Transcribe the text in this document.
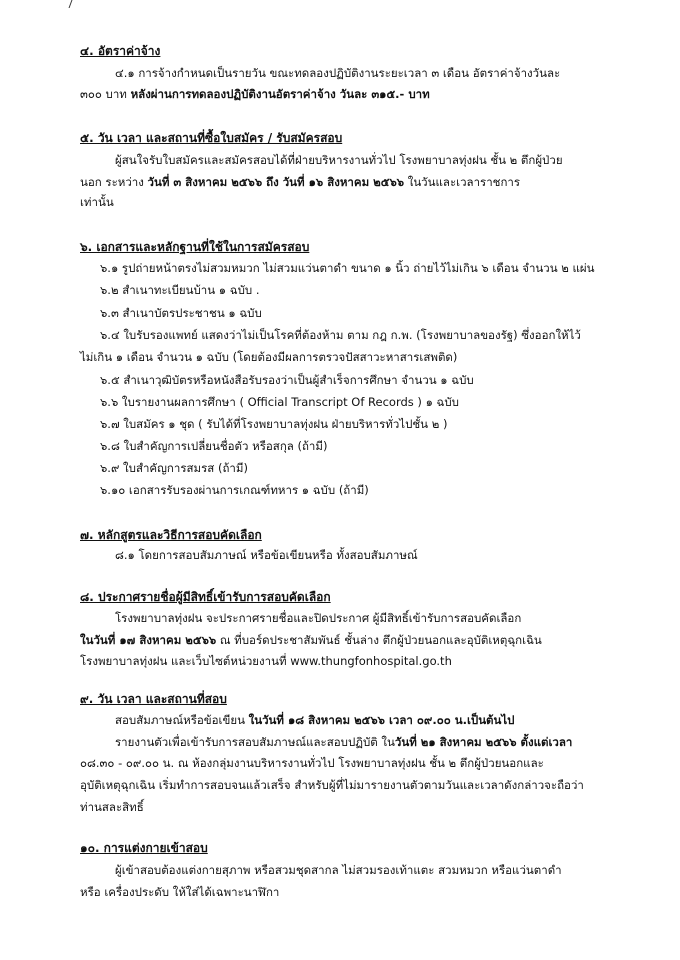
๔. อัตราค่าจ้าง
๔.๑ การจ้างกำหนดเป็นรายวัน ขณะทดลองปฏิบัติงานระยะเวลา ๓ เดือน อัตราค่าจ้างวันละ
๓๐๐ บาท หลังผ่านการทดลองปฏิบัติงานอัตราค่าจ้าง วันละ ๓๑๕.- บาท
๕. วัน เวลา และสถานที่ซื้อใบสมัคร / รับสมัครสอบ
ผู้สนใจรับใบสมัครและสมัครสอบได้ที่ฝ่ายบริหารงานทั่วไป โรงพยาบาลทุ่งฝน ชั้น ๒ ตึกผู้ป่วย
นอก ระหว่าง วันที่ ๓ สิงหาคม ๒๕๖๖ ถึง วันที่ ๑๖ สิงหาคม ๒๕๖๖ ในวันและเวลาราชการ
เท่านั้น
๖. เอกสารและหลักฐานที่ใช้ในการสมัครสอบ
๖.๑ รูปถ่ายหน้าตรงไม่สวมหมวก ไม่สวมแว่นตาดำ ขนาด ๑ นิ้ว ถ่ายไว้ไม่เกิน ๖ เดือน จำนวน ๒ แผ่น
๖.๒ สำเนาทะเบียนบ้าน ๑ ฉบับ .
๖.๓ สำเนาบัตรประชาชน ๑ ฉบับ
๖.๔ ใบรับรองแพทย์ แสดงว่าไม่เป็นโรคที่ต้องห้าม ตาม กฎ ก.พ. (โรงพยาบาลของรัฐ) ซึ่งออกให้ไว้
ไม่เกิน ๑ เดือน จำนวน ๑ ฉบับ (โดยต้องมีผลการตรวจปัสสาวะหาสารเสพติด)
๖.๕ สำเนาวุฒิบัตรหรือหนังสือรับรองว่าเป็นผู้สำเร็จการศึกษา จำนวน ๑ ฉบับ
๖.๖ ใบรายงานผลการศึกษา ( Official Transcript Of Records ) ๑ ฉบับ
๖.๗ ใบสมัคร ๑ ชุด ( รับได้ที่โรงพยาบาลทุ่งฝน ฝ่ายบริหารทั่วไปชั้น ๒ )
๖.๘ ใบสำคัญการเปลี่ยนชื่อตัว หรือสกุล (ถ้ามี)
๖.๙ ใบสำคัญการสมรส (ถ้ามี)
๖.๑๐ เอกสารรับรองผ่านการเกณฑ์ทหาร ๑ ฉบับ (ถ้ามี)
๗. หลักสูตรและวิธีการสอบคัดเลือก
๘.๑ โดยการสอบสัมภาษณ์ หรือข้อเขียนหรือ ทั้งสอบสัมภาษณ์
๘. ประกาศรายชื่อผู้มีสิทธิ์เข้ารับการสอบคัดเลือก
โรงพยาบาลทุ่งฝน จะประกาศรายชื่อและปิดประกาศ ผู้มีสิทธิ์เข้ารับการสอบคัดเลือก
ในวันที่ ๑๗ สิงหาคม ๒๕๖๖ ณ ที่บอร์ดประชาสัมพันธ์ ชั้นล่าง ตึกผู้ป่วยนอกและอุบัติเหตุฉุกเฉิน
โรงพยาบาลทุ่งฝน และเว็บไซต์หน่วยงานที่ www.thungfonhospital.go.th
๙. วัน เวลา และสถานที่สอบ
สอบสัมภาษณ์หรือข้อเขียน ในวันที่ ๑๘ สิงหาคม ๒๕๖๖ เวลา ๐๙.๐๐ น.เป็นต้นไป
รายงานตัวเพื่อเข้ารับการสอบสัมภาษณ์และสอบปฏิบัติ ในวันที่ ๒๑ สิงหาคม ๒๕๖๖ ตั้งแต่เวลา
๐๘.๓๐ - ๐๙.๐๐ น. ณ ห้องกลุ่มงานบริหารงานทั่วไป โรงพยาบาลทุ่งฝน ชั้น ๒ ตึกผู้ป่วยนอกและ
อุบัติเหตุฉุกเฉิน เริ่มทำการสอบจนแล้วเสร็จ สำหรับผู้ที่ไม่มารายงานตัวตามวันและเวลาดังกล่าวจะถือว่า
ท่านสละสิทธิ์
๑๐. การแต่งกายเข้าสอบ
ผู้เข้าสอบต้องแต่งกายสุภาพ หรือสวมชุดสากล ไม่สวมรองเท้าแตะ สวมหมวก หรือแว่นตาดำ
หรือ เครื่องประดับ ให้ใส่ได้เฉพาะนาฬิกา
